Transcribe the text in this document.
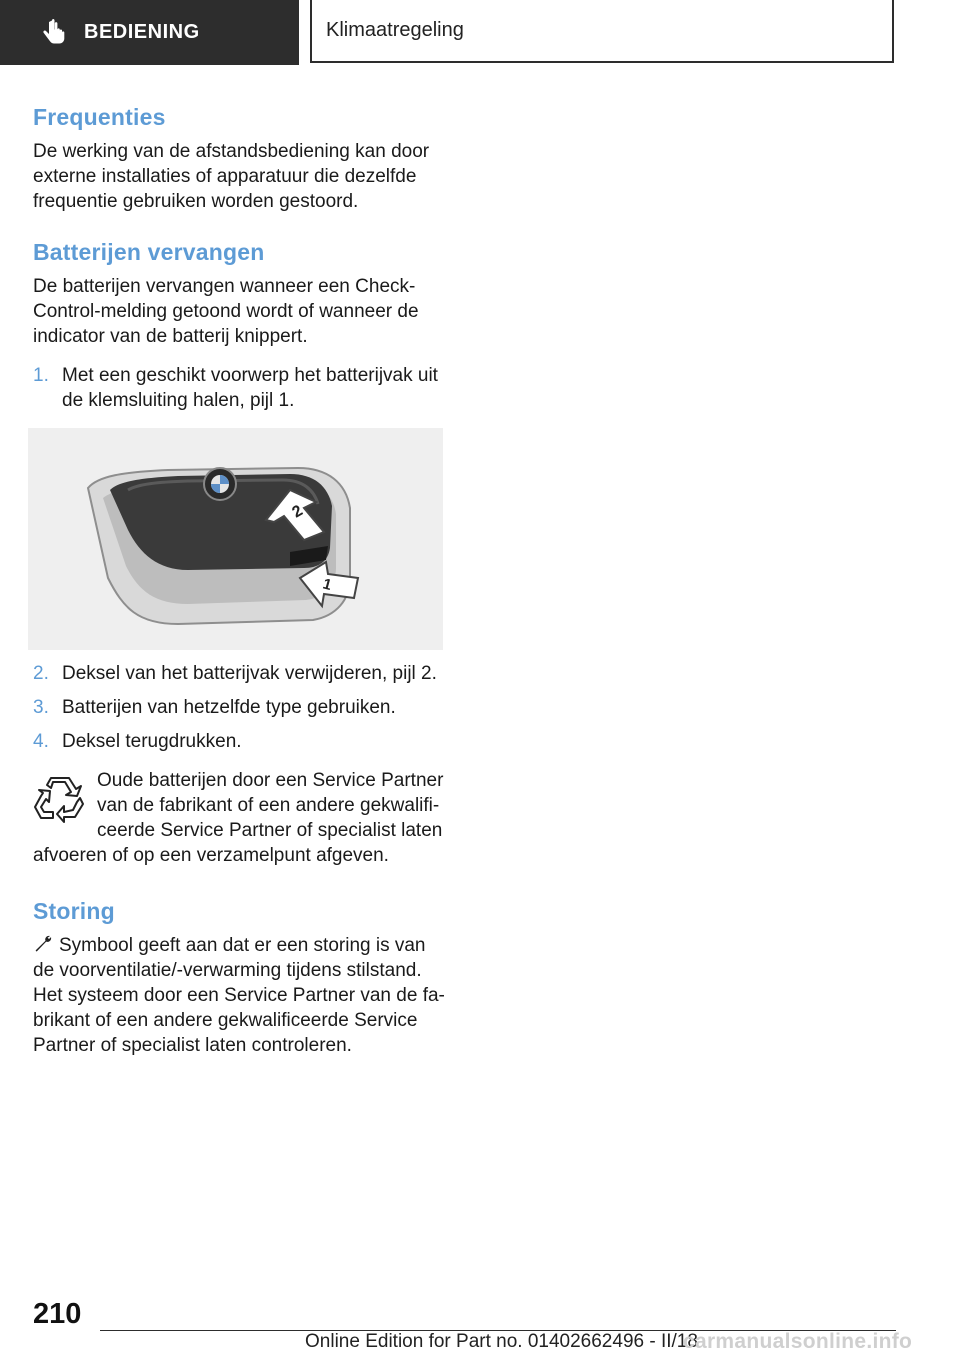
BEDIENING	Klimaatregeling
Frequenties

De werking van de afstandsbediening kan door externe installaties of apparatuur die dezelfde frequentie gebruiken worden gestoord.

Batterijen vervangen

De batterijen vervangen wanneer een Check-Control-melding getoond wordt of wanneer de indicator van de batterij knippert.

1. Met een geschikt voorwerp het batterijvak uit de klemsluiting halen, pijl 1.
2
1
2. Deksel van het batterijvak verwijderen, pijl 2.
3. Batterijen van hetzelfde type gebruiken.
4. Deksel terugdrukken.

Oude batterijen door een Service Partner van de fabrikant of een andere gekwalificeerde Service Partner of specialist laten afvoeren of op een verzamelpunt afgeven.

Storing

Symbool geeft aan dat er een storing is van de voorventilatie/-verwarming tijdens stilstand. Het systeem door een Service Partner van de fabrikant of een andere gekwalificeerde Service Partner of specialist laten controleren.

210
Online Edition for Part no. 01402662496 - II/18
carmanualsonline.info
